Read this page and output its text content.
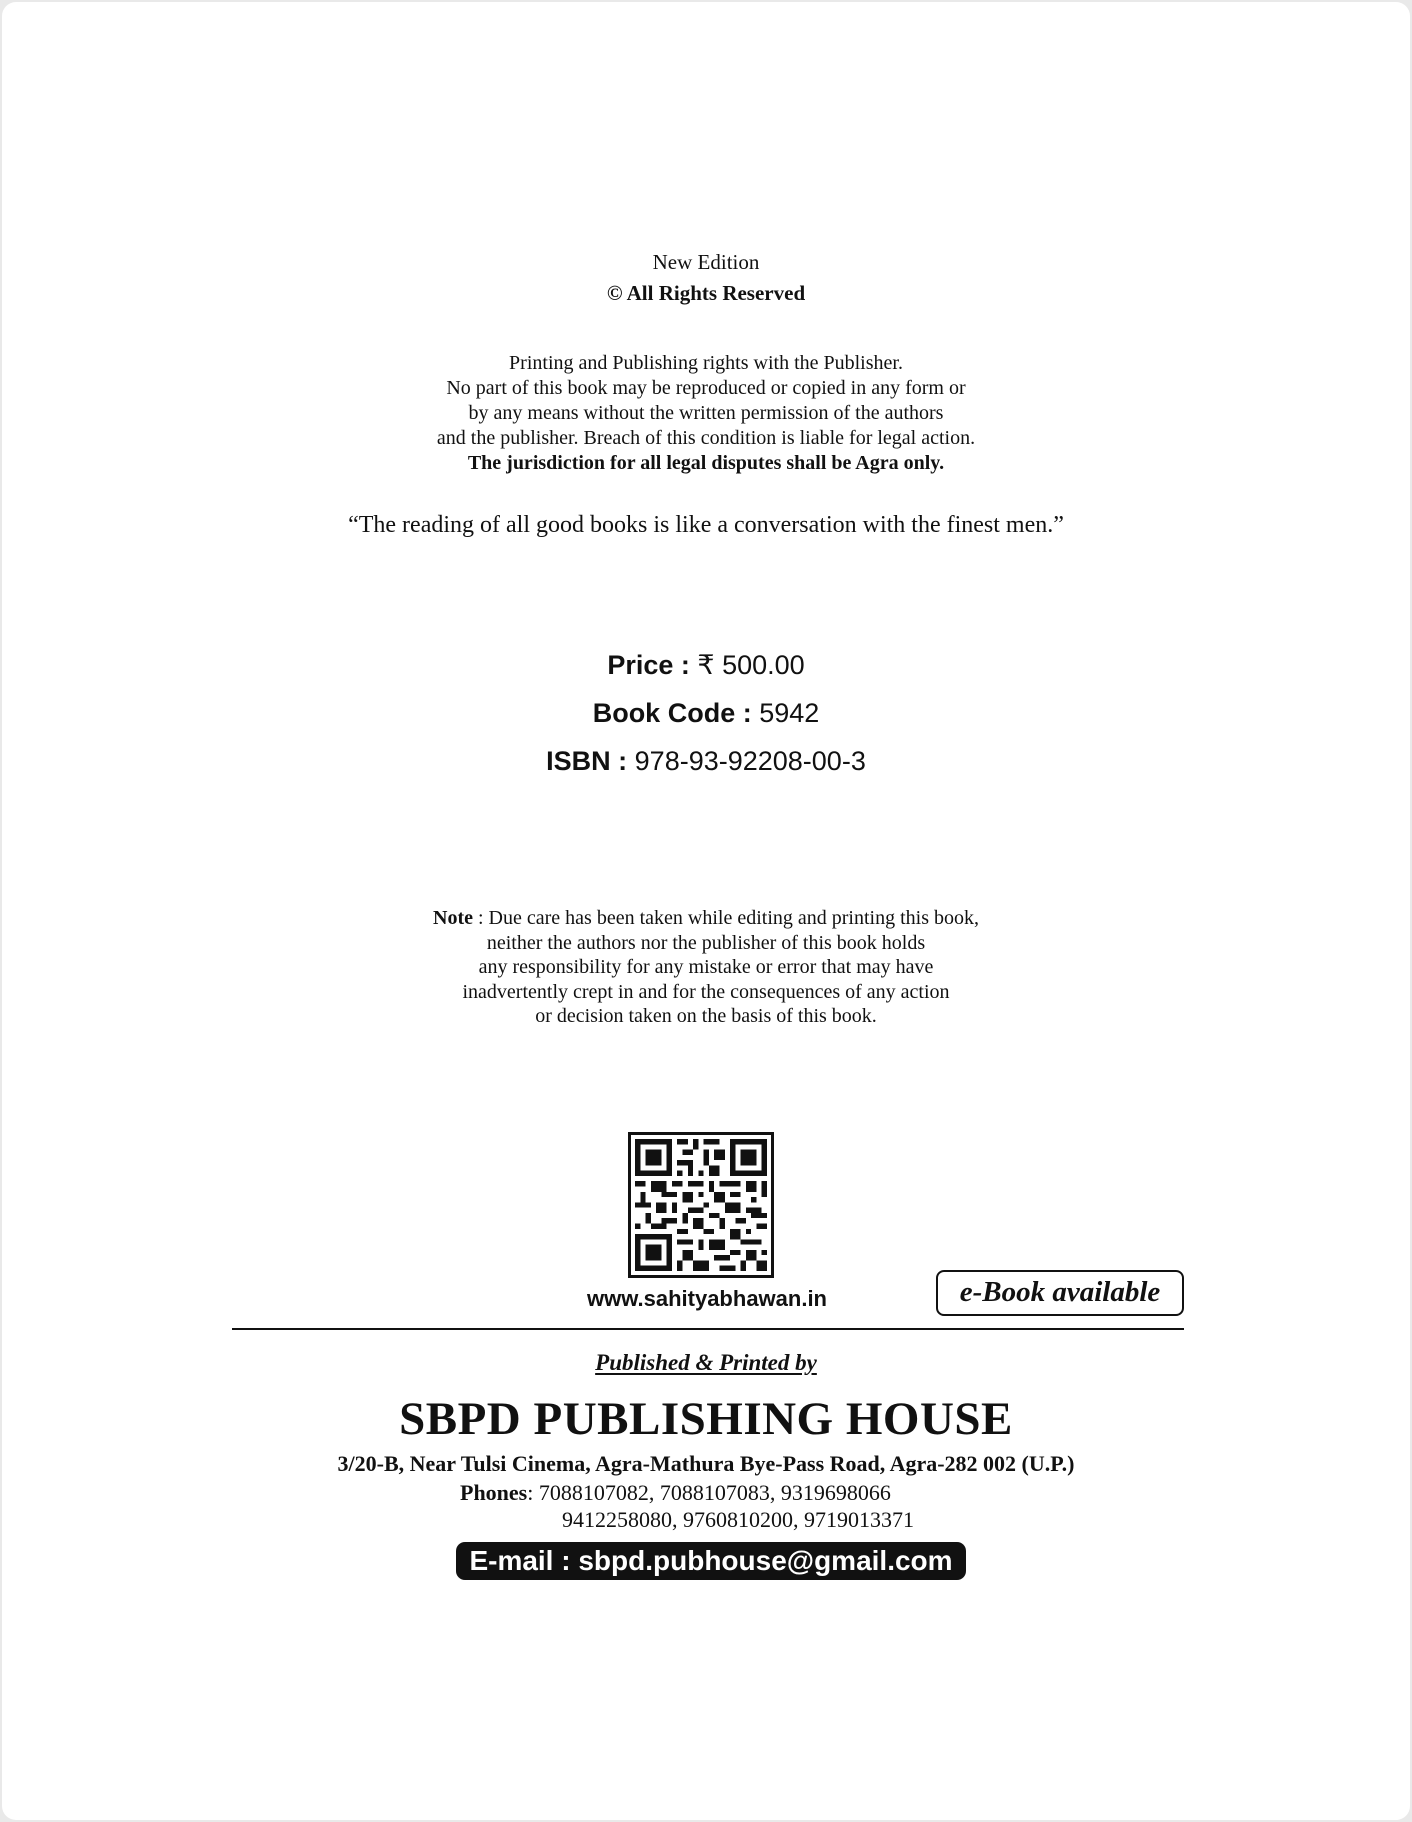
New Edition
© All Rights Reserved
Printing and Publishing rights with the Publisher.
No part of this book may be reproduced or copied in any form or
by any means without the written permission of the authors
and the publisher. Breach of this condition is liable for legal action.
The jurisdiction for all legal disputes shall be Agra only.
“The reading of all good books is like a conversation with the finest men.”
Price : ₹ 500.00
Book Code : 5942
ISBN : 978-93-92208-00-3
Note : Due care has been taken while editing and printing this book,
neither the authors nor the publisher of this book holds
any responsibility for any mistake or error that may have
inadvertently crept in and for the consequences of any action
or decision taken on the basis of this book.
www.sahityabhawan.in	e-Book available
Published & Printed by
SBPD PUBLISHING HOUSE
3/20-B, Near Tulsi Cinema, Agra-Mathura Bye-Pass Road, Agra-282 002 (U.P.)
Phones: 7088107082, 7088107083, 9319698066
9412258080, 9760810200, 9719013371
E-mail : sbpd.pubhouse@gmail.com
